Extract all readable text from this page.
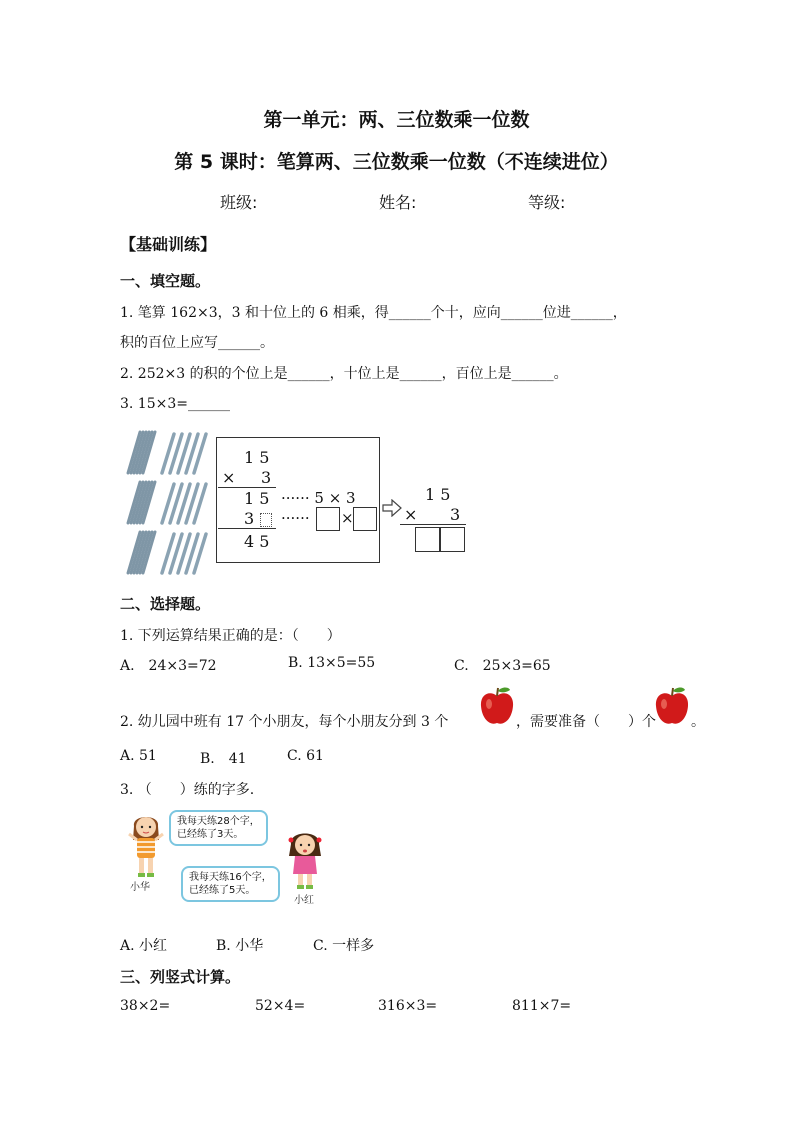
第一单元：两、三位数乘一位数
第 5 课时：笔算两、三位数乘一位数（不连续进位）
班级:	姓名:	等级:
【基础训练】
一、填空题。
1. 笔算 162×3，3 和十位上的 6 相乘，得______个十，应向______位进______，
积的百位上应写______。
2. 252×3 的积的个位上是______，十位上是______，百位上是______。
3. 15×3=______
1 5
× 3
1 5 ······ 5 × 3
3 ······ ×
4 5
1 5
× 3
二、选择题。
1. 下列运算结果正确的是：（　　）
A.　24×3=72	B. 13×5=55	C.　25×3=65
2. 幼儿园中班有 17 个小朋友，每个小朋友分到 3 个	，需要准备（　　）个	。
A. 51	B.　41	C. 61
3. （　　）练的字多.
小华
我每天练28个字，
已经练了3天。
我每天练16个字，
已经练了5天。
小红
A. 小红	B. 小华	C. 一样多
三、列竖式计算。
38×2=	52×4=	316×3=	811×7=
